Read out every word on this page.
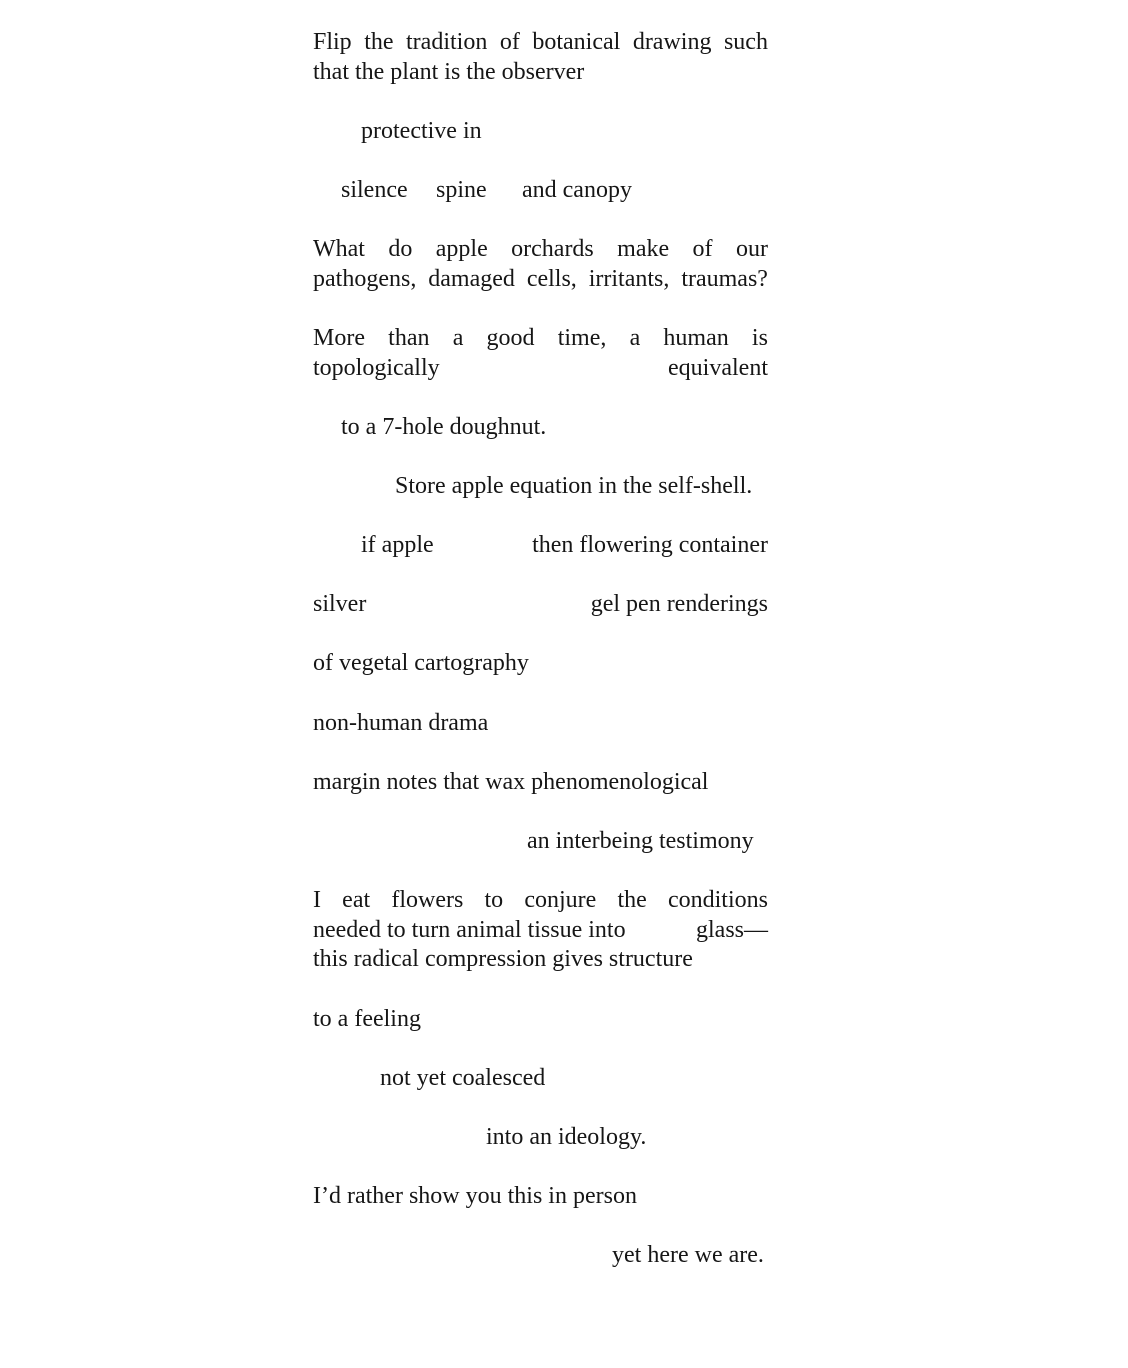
Flip the tradition of botanical drawing such
that the plant is the observer
protective in
silence spine and canopy
What do apple orchards make of our
pathogens, damaged cells, irritants, traumas?
More than a good time, a human is
topologically	equivalent
to a 7-hole doughnut.
Store apple equation in the self-shell.
if apple	then flowering container
silver	gel pen renderings
of vegetal cartography
non-human drama
margin notes that wax phenomenological
an interbeing testimony
I eat flowers to conjure the conditions
needed to turn animal tissue into	glass—
this radical compression gives structure
to a feeling
not yet coalesced
into an ideology.
I’d rather show you this in person
yet here we are.
